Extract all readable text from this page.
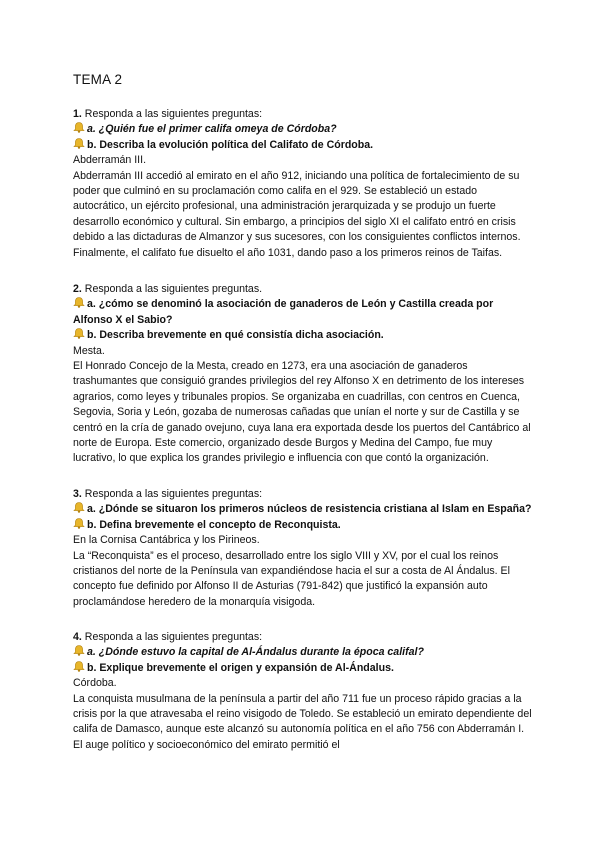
TEMA 2
1. Responda a las siguientes preguntas:
a. ¿Quién fue el primer califa omeya de Córdoba?
b. Describa la evolución política del Califato de Córdoba.
Abderramán III.
Abderramán III accedió al emirato en el año 912, iniciando una política de fortalecimiento de su poder que culminó en su proclamación como califa en el 929. Se estableció un estado autocrático, un ejército profesional, una administración jerarquizada y se produjo un fuerte desarrollo económico y cultural. Sin embargo, a principios del siglo XI el califato entró en crisis debido a las dictaduras de Almanzor y sus sucesores, con los consiguientes conflictos internos. Finalmente, el califato fue disuelto el año 1031, dando paso a los primeros reinos de Taifas.
2. Responda a las siguientes preguntas.
a. ¿cómo se denominó la asociación de ganaderos de León y Castilla creada por Alfonso X el Sabio?
b. Describa brevemente en qué consistía dicha asociación.
Mesta.
El Honrado Concejo de la Mesta, creado en 1273, era una asociación de ganaderos trashumantes que consiguió grandes privilegios del rey Alfonso X en detrimento de los intereses agrarios, como leyes y tribunales propios. Se organizaba en cuadrillas, con centros en Cuenca, Segovia, Soria y León, gozaba de numerosas cañadas que unían el norte y sur de Castilla y se centró en la cría de ganado ovejuno, cuya lana era exportada desde los puertos del Cantábrico al norte de Europa. Este comercio, organizado desde Burgos y Medina del Campo, fue muy lucrativo, lo que explica los grandes privilegio e influencia con que contó la organización.
3. Responda a las siguientes preguntas:
a. ¿Dónde se situaron los primeros núcleos de resistencia cristiana al Islam en España?
b. Defina brevemente el concepto de Reconquista.
En la Cornisa Cantábrica y los Pirineos.
La “Reconquista” es el proceso, desarrollado entre los siglo VIII y XV, por el cual los reinos cristianos del norte de la Península van expandiéndose hacia el sur a costa de Al Ándalus. El concepto fue definido por Alfonso II de Asturias (791-842) que justificó la expansión auto proclamándose heredero de la monarquía visigoda.
4. Responda a las siguientes preguntas:
a. ¿Dónde estuvo la capital de Al-Ándalus durante la época califal?
b. Explique brevemente el origen y expansión de Al-Ándalus.
Córdoba.
La conquista musulmana de la península a partir del año 711 fue un proceso rápido gracias a la crisis por la que atravesaba el reino visigodo de Toledo. Se estableció un emirato dependiente del califa de Damasco, aunque este alcanzó su autonomía política en el año 756 con Abderramán I. El auge político y socioeconómico del emirato permitió el
